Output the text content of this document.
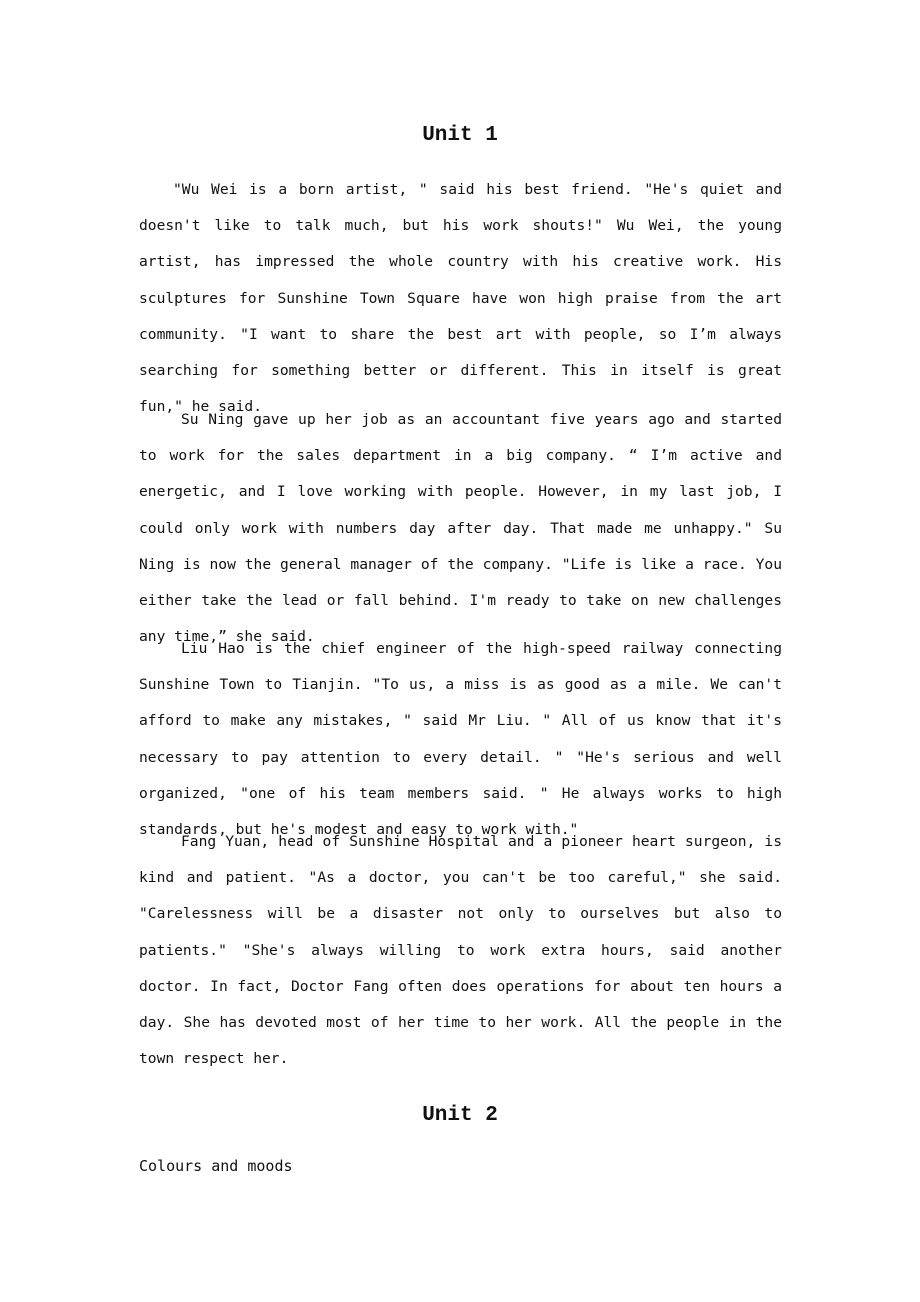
Unit 1

"Wu Wei is a born artist, " said his best friend. "He's quiet and doesn't like to talk much, but his work shouts!" Wu Wei, the young artist, has impressed the whole country with his creative work. His sculptures for Sunshine Town Square have won high praise from the art community. "I want to share the best art with people, so I’m always searching for something better or different. This in itself is great fun," he said.

Su Ning gave up her job as an accountant five years ago and started to work for the sales department in a big company. “ I’m active and energetic, and I love working with people. However, in my last job, I could only work with numbers day after day. That made me unhappy." Su Ning is now the general manager of the company. "Life is like a race. You either take the lead or fall behind. I'm ready to take on new challenges any time,” she said.

Liu Hao is the chief engineer of the high-speed railway connecting Sunshine Town to Tianjin. "To us, a miss is as good as a mile. We can't afford to make any mistakes, " said Mr Liu. " All of us know that it's necessary to pay attention to every detail. " "He's serious and well organized, "one of his team members said. " He always works to high standards, but he's modest and easy to work with."

Fang Yuan, head of Sunshine Hospital and a pioneer heart surgeon, is kind and patient. "As a doctor, you can't be too careful," she said. "Carelessness will be a disaster not only to ourselves but also to patients." "She's always willing to work extra hours, said another doctor. In fact, Doctor Fang often does operations for about ten hours a day. She has devoted most of her time to her work. All the people in the town respect her.

Unit 2

Colours and moods
